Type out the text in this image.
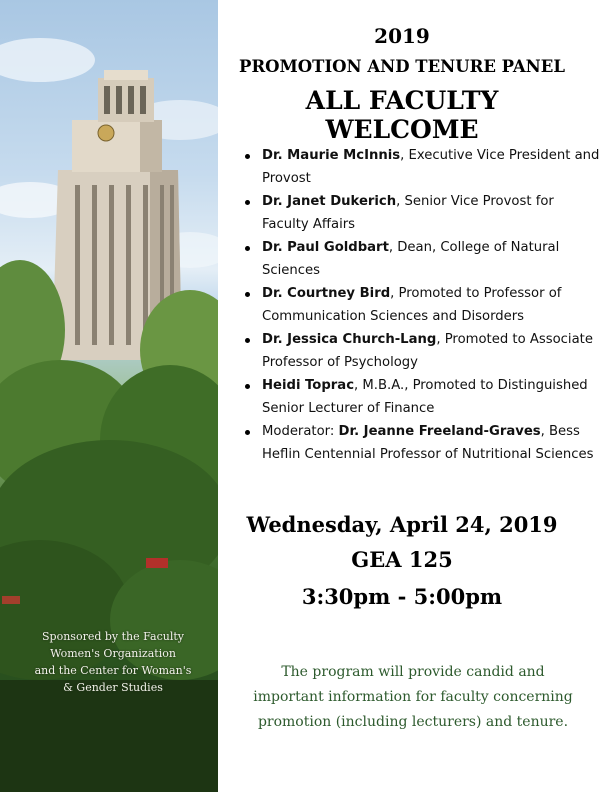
Sponsored by the Faculty
Women's Organization
and the Center for Woman's
& Gender Studies
2019
PROMOTION AND TENURE PANEL
ALL FACULTY WELCOME
Dr. Maurie McInnis, Executive Vice President and Provost
Dr. Janet Dukerich, Senior Vice Provost for Faculty Affairs
Dr. Paul Goldbart, Dean, College of Natural Sciences
Dr. Courtney Bird, Promoted to Professor of Communication Sciences and Disorders
Dr. Jessica Church-Lang, Promoted to Associate Professor of Psychology
Heidi Toprac, M.B.A., Promoted to Distinguished Senior Lecturer of Finance
Moderator: Dr. Jeanne Freeland-Graves, Bess Heflin Centennial Professor of Nutritional Sciences
Wednesday, April 24, 2019
GEA 125
3:30pm - 5:00pm
The program will provide candid and
important information for faculty concerning
promotion (including lecturers) and tenure.
